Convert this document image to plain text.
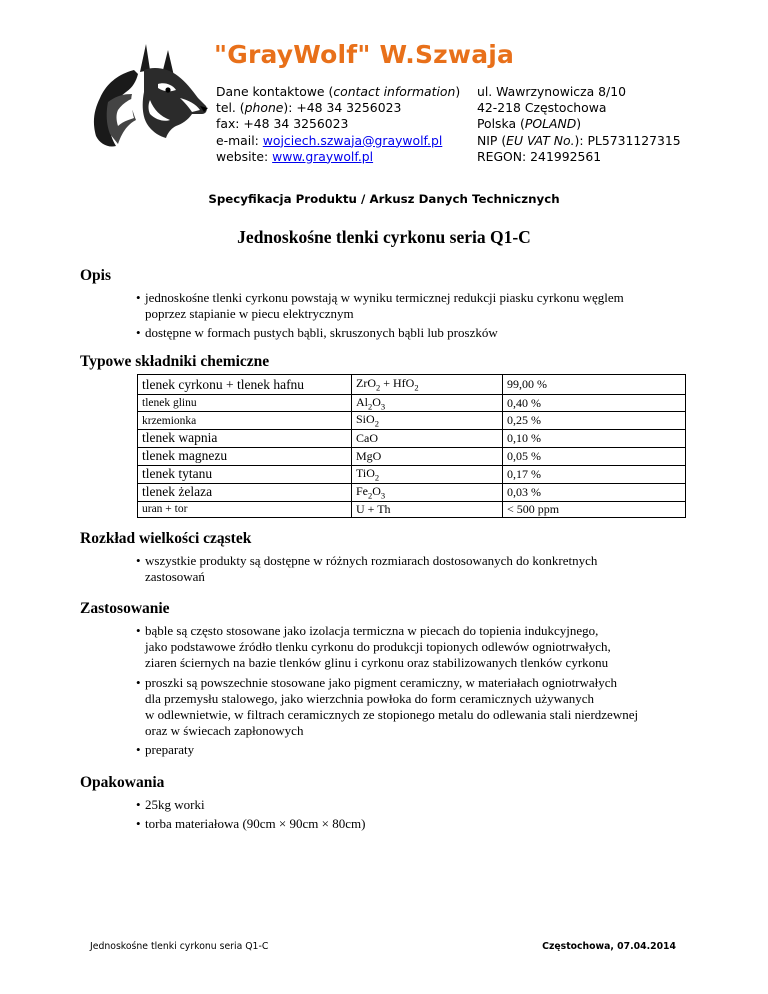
"GrayWolf" W.Szwaja
Dane kontaktowe (contact information)
tel. (phone): +48 34 3256023
fax: +48 34 3256023
e-mail: wojciech.szwaja@graywolf.pl
website: www.graywolf.pl
ul. Wawrzynowicza 8/10
42-218 Częstochowa
Polska (POLAND)
NIP (EU VAT No.): PL5731127315
REGON: 241992561
Specyfikacja Produktu / Arkusz Danych Technicznych
Jednoskośne tlenki cyrkonu seria Q1-C
Opis
• jednoskośne tlenki cyrkonu powstają w wyniku termicznej redukcji piasku cyrkonu węglem
poprzez stapianie w piecu elektrycznym
• dostępne w formach pustych bąbli, skruszonych bąbli lub proszków
Typowe składniki chemiczne
tlenek cyrkonu + tlenek hafnu	ZrO$_2$ + HfO$_2$	99,00 %
tlenek glinu	$Al_2O_3$	0,40 %
krzemionka	SiO$_2$	0,25 %
tlenek wapnia	CaO	0,10 %
tlenek magnezu	MgO	0,05 %
tlenek tytanu	TiO$_2$	0,17 %
tlenek żelaza	$Fe_2O_3$	0,03 %
uran + tor	U + Th	< 500 ppm
Rozkład wielkości cząstek
• wszystkie produkty są dostępne w różnych rozmiarach dostosowanych do konkretnych
zastosowań
Zastosowanie
• bąble są często stosowane jako izolacja termiczna w piecach do topienia indukcyjnego,
jako podstawowe źródło tlenku cyrkonu do produkcji topionych odlewów ogniotrwałych,
ziaren ściernych na bazie tlenków glinu i cyrkonu oraz stabilizowanych tlenków cyrkonu
• proszki są powszechnie stosowane jako pigment ceramiczny, w materiałach ogniotrwałych
dla przemysłu stalowego, jako wierzchnia powłoka do form ceramicznych używanych
w odlewnietwie, w filtrach ceramicznych ze stopionego metalu do odlewania stali nierdzewnej
oraz w świecach zapłonowych
• preparaty
Opakowania
• 25kg worki
• torba materiałowa (90cm × 90cm × 80cm)
Jednoskośne tlenki cyrkonu seria Q1-C	Częstochowa, 07.04.2014
